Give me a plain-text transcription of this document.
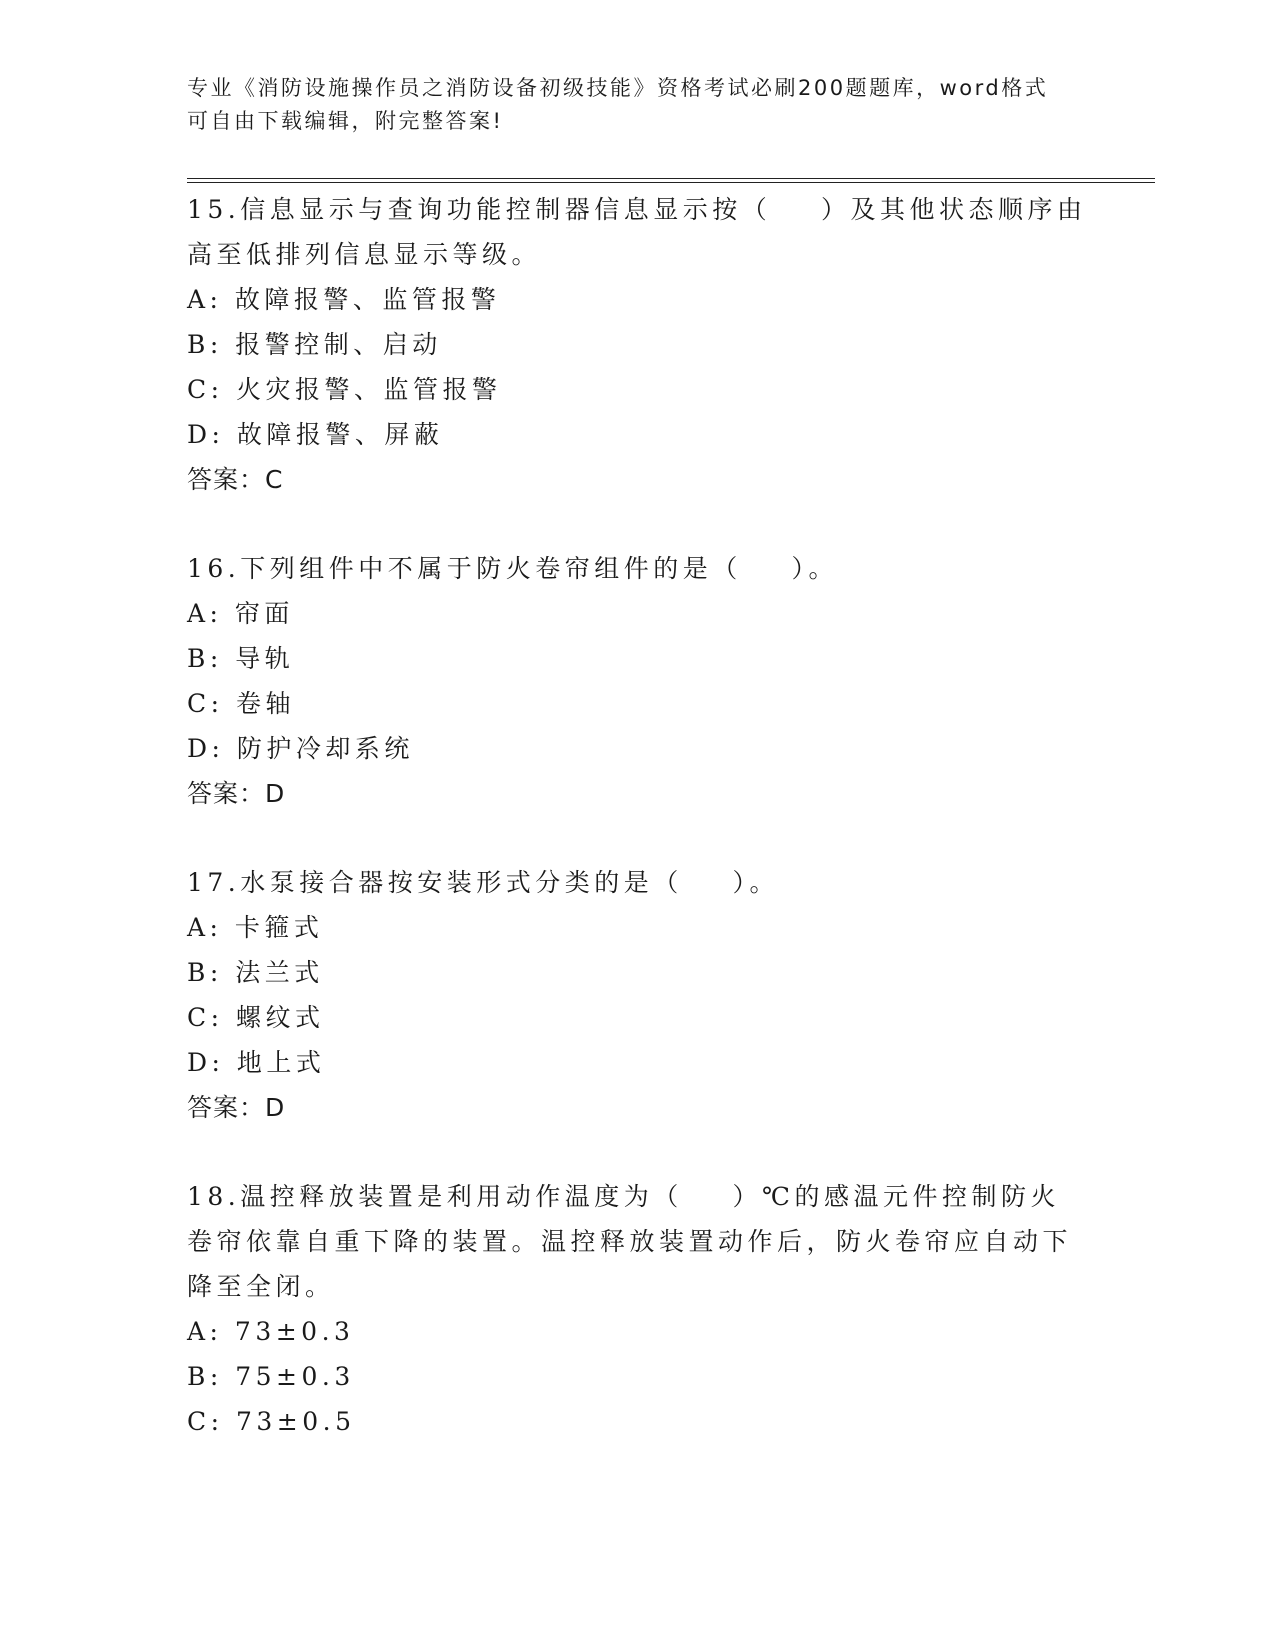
专业《消防设施操作员之消防设备初级技能》资格考试必刷200题题库，word格式可自由下载编辑，附完整答案!

15.信息显示与查询功能控制器信息显示按（    ）及其他状态顺序由高至低排列信息显示等级。

A: 故障报警、监管报警

B: 报警控制、启动

C: 火灾报警、监管报警

D: 故障报警、屏蔽

答案：C

16.下列组件中不属于防火卷帘组件的是（    ）。

A: 帘面

B: 导轨

C: 卷轴

D: 防护冷却系统

答案：D

17.水泵接合器按安装形式分类的是（    ）。

A: 卡箍式

B: 法兰式

C: 螺纹式

D: 地上式

答案：D

18.温控释放装置是利用动作温度为（    ）℃的感温元件控制防火卷帘依靠自重下降的装置。温控释放装置动作后，防火卷帘应自动下降至全闭。

A: 73±0.3

B: 75±0.3

C: 73±0.5
